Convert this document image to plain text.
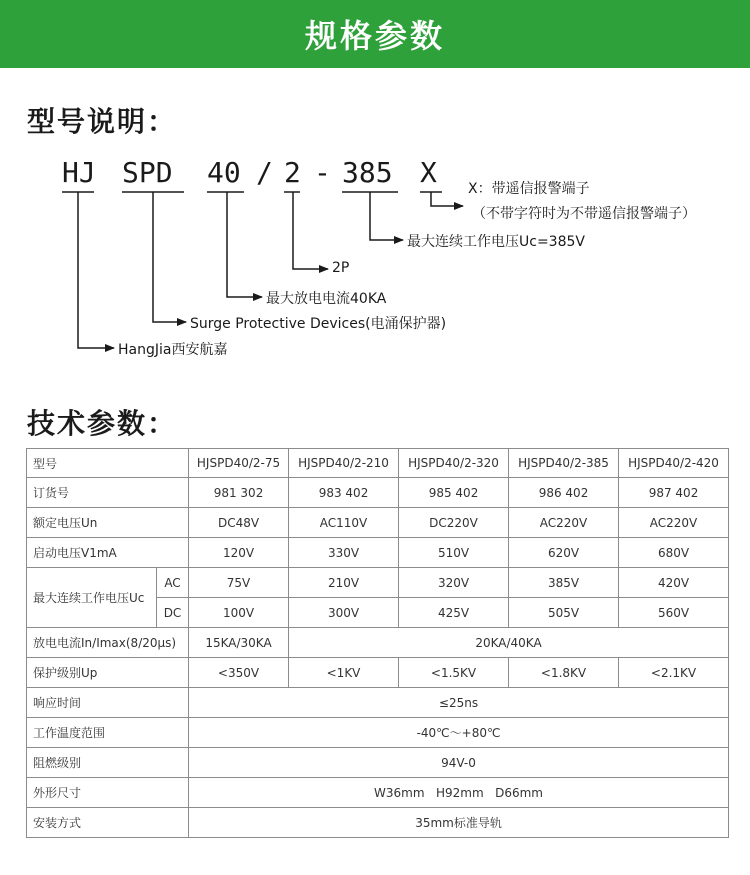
规格参数
型号说明：
HJ SPD 40 / 2 - 385 X X：带遥信报警端子
（不带字符时为不带遥信报警端子）
最大连续工作电压Uc=385V
2P
最大放电电流40KA
Surge Protective Devices(电涌保护器)
HangJia西安航嘉
技术参数：
型号		HJSPD40/2-75	HJSPD40/2-210	HJSPD40/2-320	HJSPD40/2-385	HJSPD40/2-420
订货号		981 302	983 402	985 402	986 402	987 402
额定电压Un		DC48V	AC110V	DC220V	AC220V	AC220V
启动电压V1mA		120V	330V	510V	620V	680V
最大连续工作电压Uc	AC	75V	210V	320V	385V	420V
	DC	100V	300V	425V	505V	560V
放电电流In/Imax(8/20μs)		15KA/30KA	20KA/40KA			
保护级别Up		<350V	<1KV	<1.5KV	<1.8KV	<2.1KV
响应时间		≤25ns				
工作温度范围		-40℃～+80℃				
阻燃级别		94V-0				
外形尺寸		W36mm   H92mm   D66mm				
安装方式		35mm标准导轨				
